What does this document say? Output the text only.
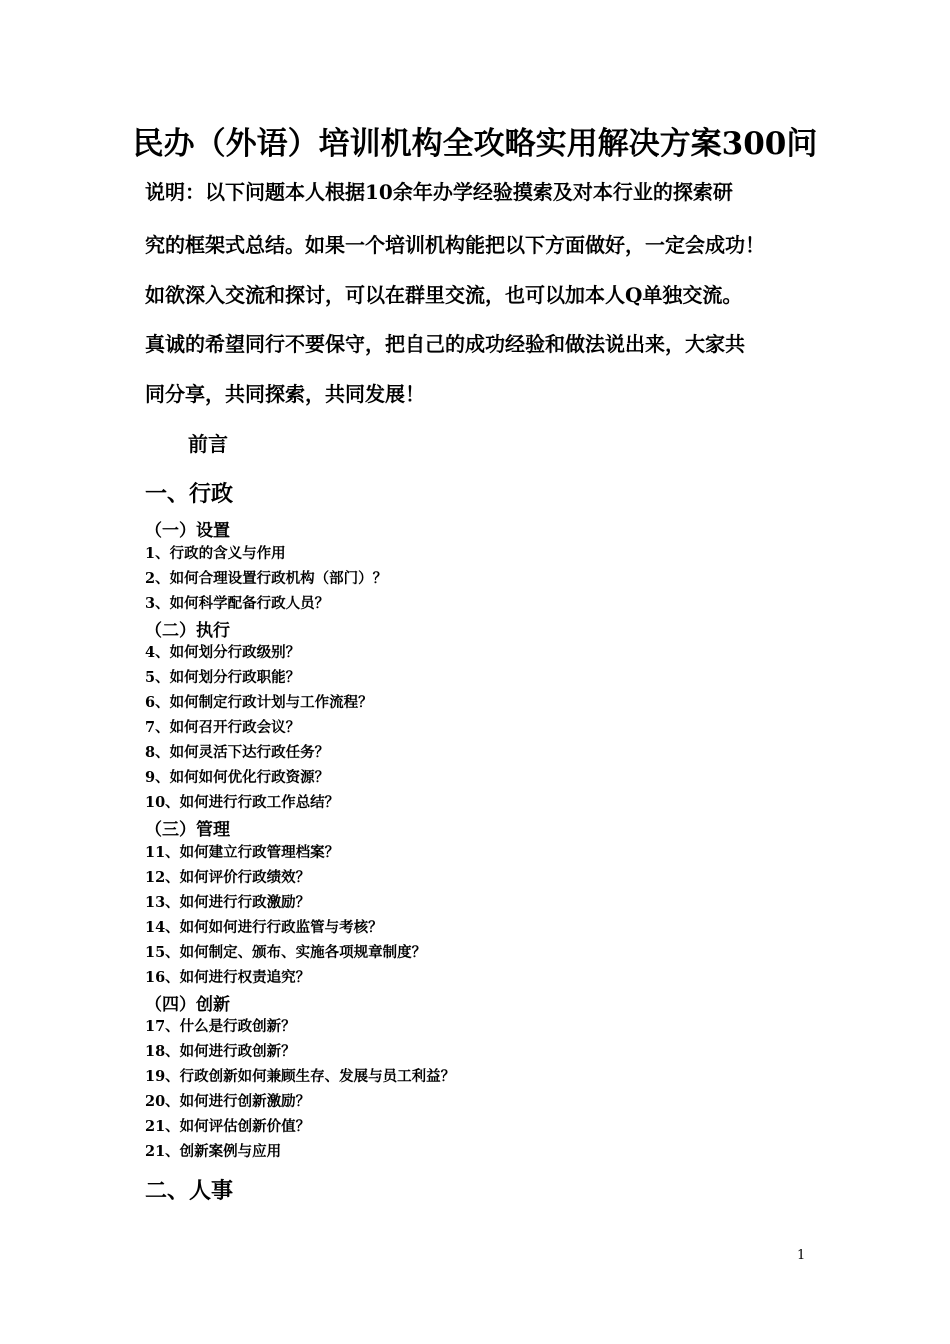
民办（外语）培训机构全攻略实用解决方案300问
说明：以下问题本人根据10余年办学经验摸索及对本行业的探索研
究的框架式总结。如果一个培训机构能把以下方面做好，一定会成功！
如欲深入交流和探讨，可以在群里交流，也可以加本人Q单独交流。
真诚的希望同行不要保守，把自己的成功经验和做法说出来，大家共
同分享，共同探索，共同发展！
前言
一、行政
（一）设置
1、行政的含义与作用
2、如何合理设置行政机构（部门）？
3、如何科学配备行政人员？
（二）执行
4、如何划分行政级别？
5、如何划分行政职能？
6、如何制定行政计划与工作流程？
7、如何召开行政会议？
8、如何灵活下达行政任务？
9、如何如何优化行政资源？
10、如何进行行政工作总结？
（三）管理
11、如何建立行政管理档案？
12、如何评价行政绩效？
13、如何进行行政激励？
14、如何如何进行行政监管与考核？
15、如何制定、颁布、实施各项规章制度？
16、如何进行权责追究？
（四）创新
17、什么是行政创新？
18、如何进行政创新？
19、行政创新如何兼顾生存、发展与员工利益？
20、如何进行创新激励？
21、如何评估创新价值？
21、创新案例与应用
二、人事
1
